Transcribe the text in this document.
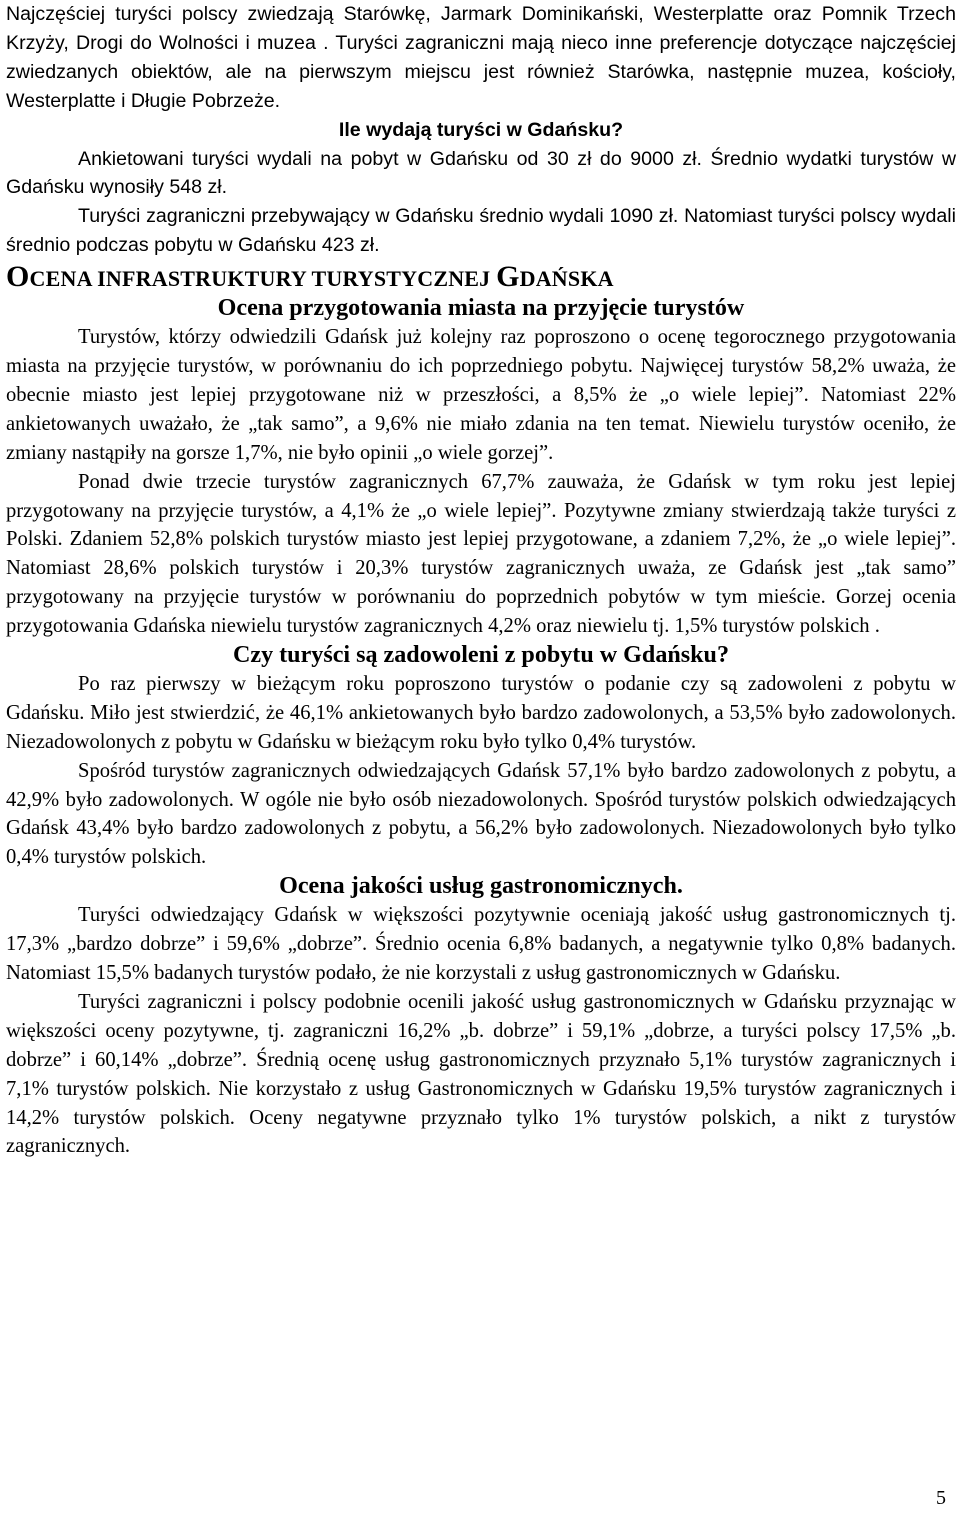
Najczęściej turyści polscy zwiedzają Starówkę, Jarmark Dominikański, Westerplatte oraz Pomnik Trzech Krzyży, Drogi do Wolności i muzea . Turyści zagraniczni mają nieco inne preferencje dotyczące najczęściej zwiedzanych obiektów, ale na pierwszym miejscu jest również Starówka, następnie muzea, kościoły, Westerplatte i Długie Pobrzeże.

Ile wydają turyści w Gdańsku?

Ankietowani turyści wydali na pobyt w Gdańsku od 30 zł do 9000 zł. Średnio wydatki turystów w Gdańsku wynosiły 548 zł.

Turyści zagraniczni przebywający w Gdańsku średnio wydali 1090 zł. Natomiast turyści polscy wydali średnio podczas pobytu w Gdańsku 423 zł.

OCENA INFRASTRUKTURY TURYSTYCZNEJ GDAŃSKA
Ocena przygotowania miasta na przyjęcie turystów

Turystów, którzy odwiedzili Gdańsk już kolejny raz poproszono o ocenę tegorocznego przygotowania miasta na przyjęcie turystów, w porównaniu do ich poprzedniego pobytu. Najwięcej turystów 58,2% uważa, że obecnie miasto jest lepiej przygotowane niż w przeszłości, a 8,5% że „o wiele lepiej”. Natomiast 22% ankietowanych uważało, że „tak samo”, a 9,6% nie miało zdania na ten temat. Niewielu turystów oceniło, że zmiany nastąpiły na gorsze 1,7%, nie było opinii „o wiele gorzej”.

Ponad dwie trzecie turystów zagranicznych 67,7% zauważa, że Gdańsk w tym roku jest lepiej przygotowany na przyjęcie turystów, a 4,1% że „o wiele lepiej”. Pozytywne zmiany stwierdzają także turyści z Polski. Zdaniem 52,8% polskich turystów miasto jest lepiej przygotowane, a zdaniem 7,2%, że „o wiele lepiej”. Natomiast 28,6% polskich turystów i 20,3% turystów zagranicznych uważa, ze Gdańsk jest „tak samo” przygotowany na przyjęcie turystów w porównaniu do poprzednich pobytów w tym mieście. Gorzej ocenia przygotowania Gdańska niewielu turystów zagranicznych 4,2% oraz niewielu tj. 1,5% turystów polskich .

Czy turyści są zadowoleni z pobytu w Gdańsku?

Po raz pierwszy w bieżącym roku poproszono turystów o podanie czy są zadowoleni z pobytu w Gdańsku. Miło jest stwierdzić, że 46,1% ankietowanych było bardzo zadowolonych, a 53,5% było zadowolonych. Niezadowolonych z pobytu w Gdańsku w bieżącym roku było tylko 0,4% turystów.

Spośród turystów zagranicznych odwiedzających Gdańsk 57,1% było bardzo zadowolonych z pobytu, a 42,9% było zadowolonych. W ogóle nie było osób niezadowolonych. Spośród turystów polskich odwiedzających Gdańsk 43,4% było bardzo zadowolonych z pobytu, a 56,2% było zadowolonych. Niezadowolonych było tylko 0,4% turystów polskich.

Ocena jakości usług gastronomicznych.

Turyści odwiedzający Gdańsk w większości pozytywnie oceniają jakość usług gastronomicznych tj. 17,3% „bardzo dobrze” i 59,6% „dobrze”. Średnio ocenia 6,8% badanych, a negatywnie tylko 0,8% badanych. Natomiast 15,5% badanych turystów podało, że nie korzystali z usług gastronomicznych w Gdańsku.

Turyści zagraniczni i polscy podobnie ocenili jakość usług gastronomicznych w Gdańsku przyznając w większości oceny pozytywne, tj. zagraniczni 16,2% „b. dobrze” i 59,1% „dobrze, a turyści polscy 17,5% „b. dobrze” i 60,14% „dobrze”. Średnią ocenę usług gastronomicznych przyznało 5,1% turystów zagranicznych i 7,1% turystów polskich. Nie korzystało z usług Gastronomicznych w Gdańsku 19,5% turystów zagranicznych i 14,2% turystów polskich. Oceny negatywne przyznało tylko 1% turystów polskich, a nikt z turystów zagranicznych.

5
